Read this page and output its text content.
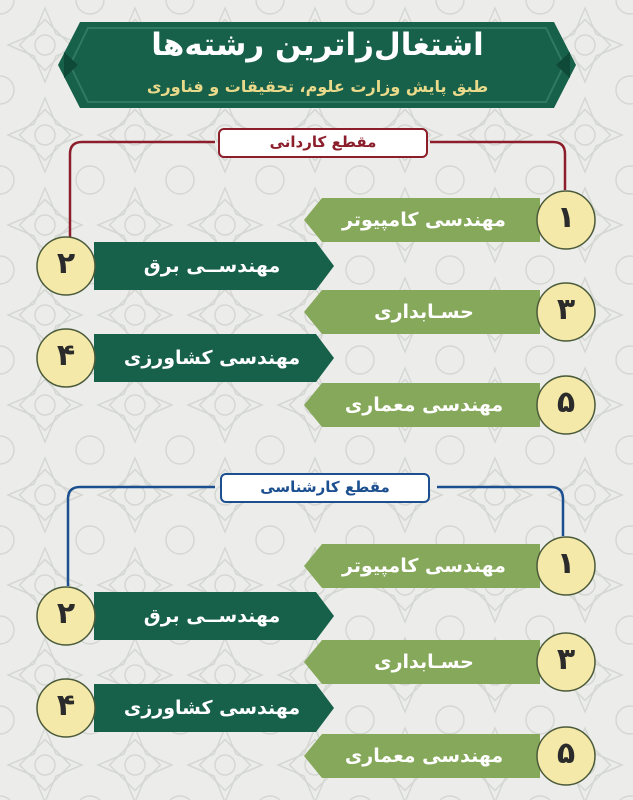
اشتغال‌زاترین رشته‌ها
طبق پایش وزارت علوم، تحقیقات و فناوری
مقطع کاردانی
مقطع کارشناسی
مهندسی کامپیوتر	۱
۲	مهندســی برق
حسـابداری	۳
۴	مهندسی کشاورزی
مهندسی معماری	۵
مهندسی کامپیوتر	۱
۲	مهندســی برق
حسـابداری	۳
۴	مهندسی کشاورزی
مهندسی معماری	۵
